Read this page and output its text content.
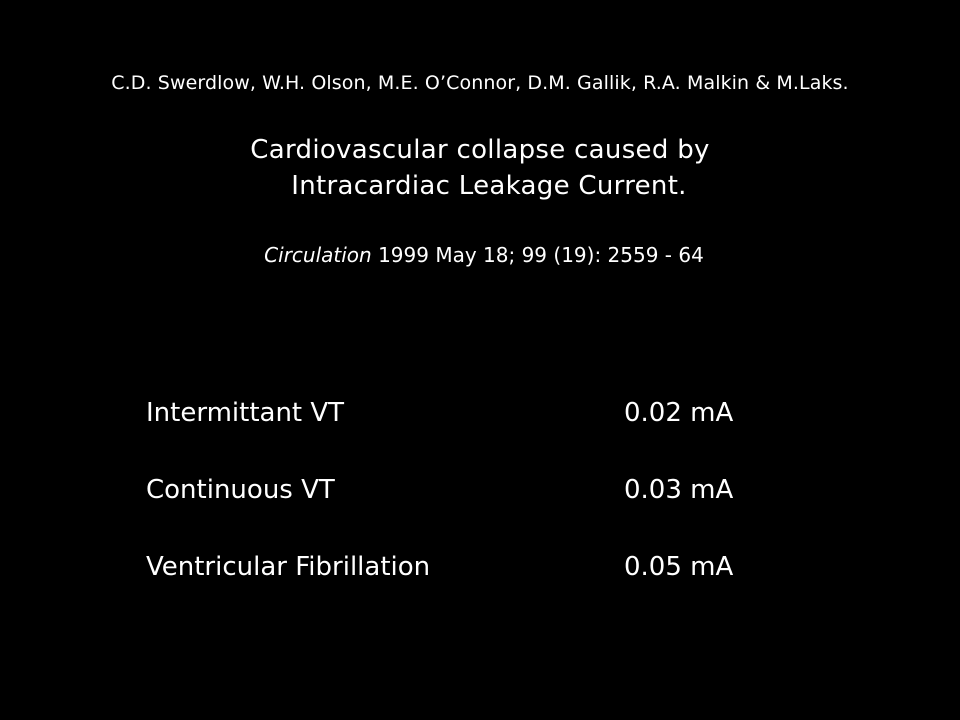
C.D. Swerdlow, W.H. Olson, M.E. O’Connor, D.M. Gallik, R.A. Malkin & M.Laks.
Cardiovascular collapse caused by
Intracardiac Leakage Current.
Circulation 1999 May 18; 99 (19): 2559 - 64
Intermittant VT	0.02 mA
Continuous VT	0.03 mA
Ventricular Fibrillation	0.05 mA
